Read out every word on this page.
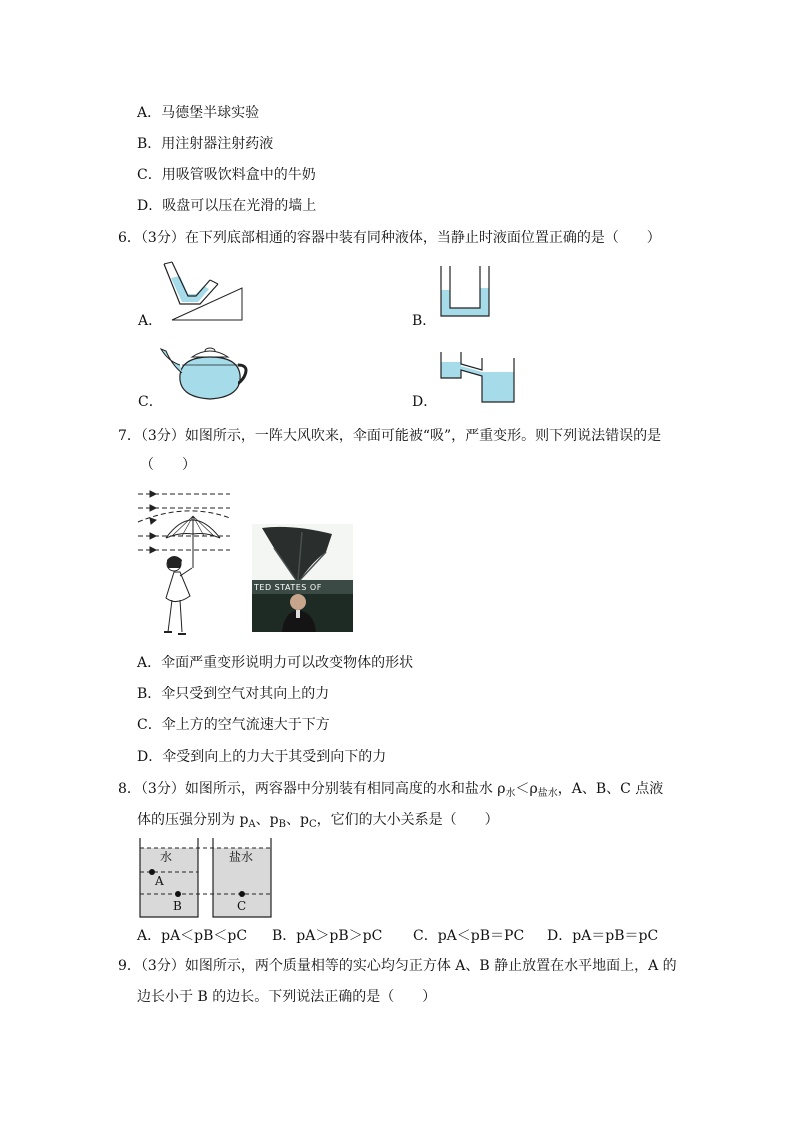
A．马德堡半球实验
B．用注射器注射药液
C．用吸管吸饮料盒中的牛奶
D．吸盘可以压在光滑的墙上
6．（3分）在下列底部相通的容器中装有同种液体，当静止时液面位置正确的是（　　）
A．	B．
C．	D．
7．（3分）如图所示，一阵大风吹来，伞面可能被“吸”，严重变形。则下列说法错误的是
（　　）
TED STATES OF
A．伞面严重变形说明力可以改变物体的形状
B．伞只受到空气对其向上的力
C．伞上方的空气流速大于下方
D．伞受到向上的力大于其受到向下的力
8．（3分）如图所示，两容器中分别装有相同高度的水和盐水 $\rho_水<\rho_{盐水}$，A、B、C 点液
体的压强分别为 $p_A$、$p_B$、$p_C$，它们的大小关系是（　　）
水	盐水
A
B	C
A．pA＜pB＜pC B．pA＞pB＞pC C．pA＜pB＝PC D．pA＝pB＝pC
9．（3分）如图所示，两个质量相等的实心均匀正方体 A、B 静止放置在水平地面上，A 的
边长小于 B 的边长。下列说法正确的是（　　）
